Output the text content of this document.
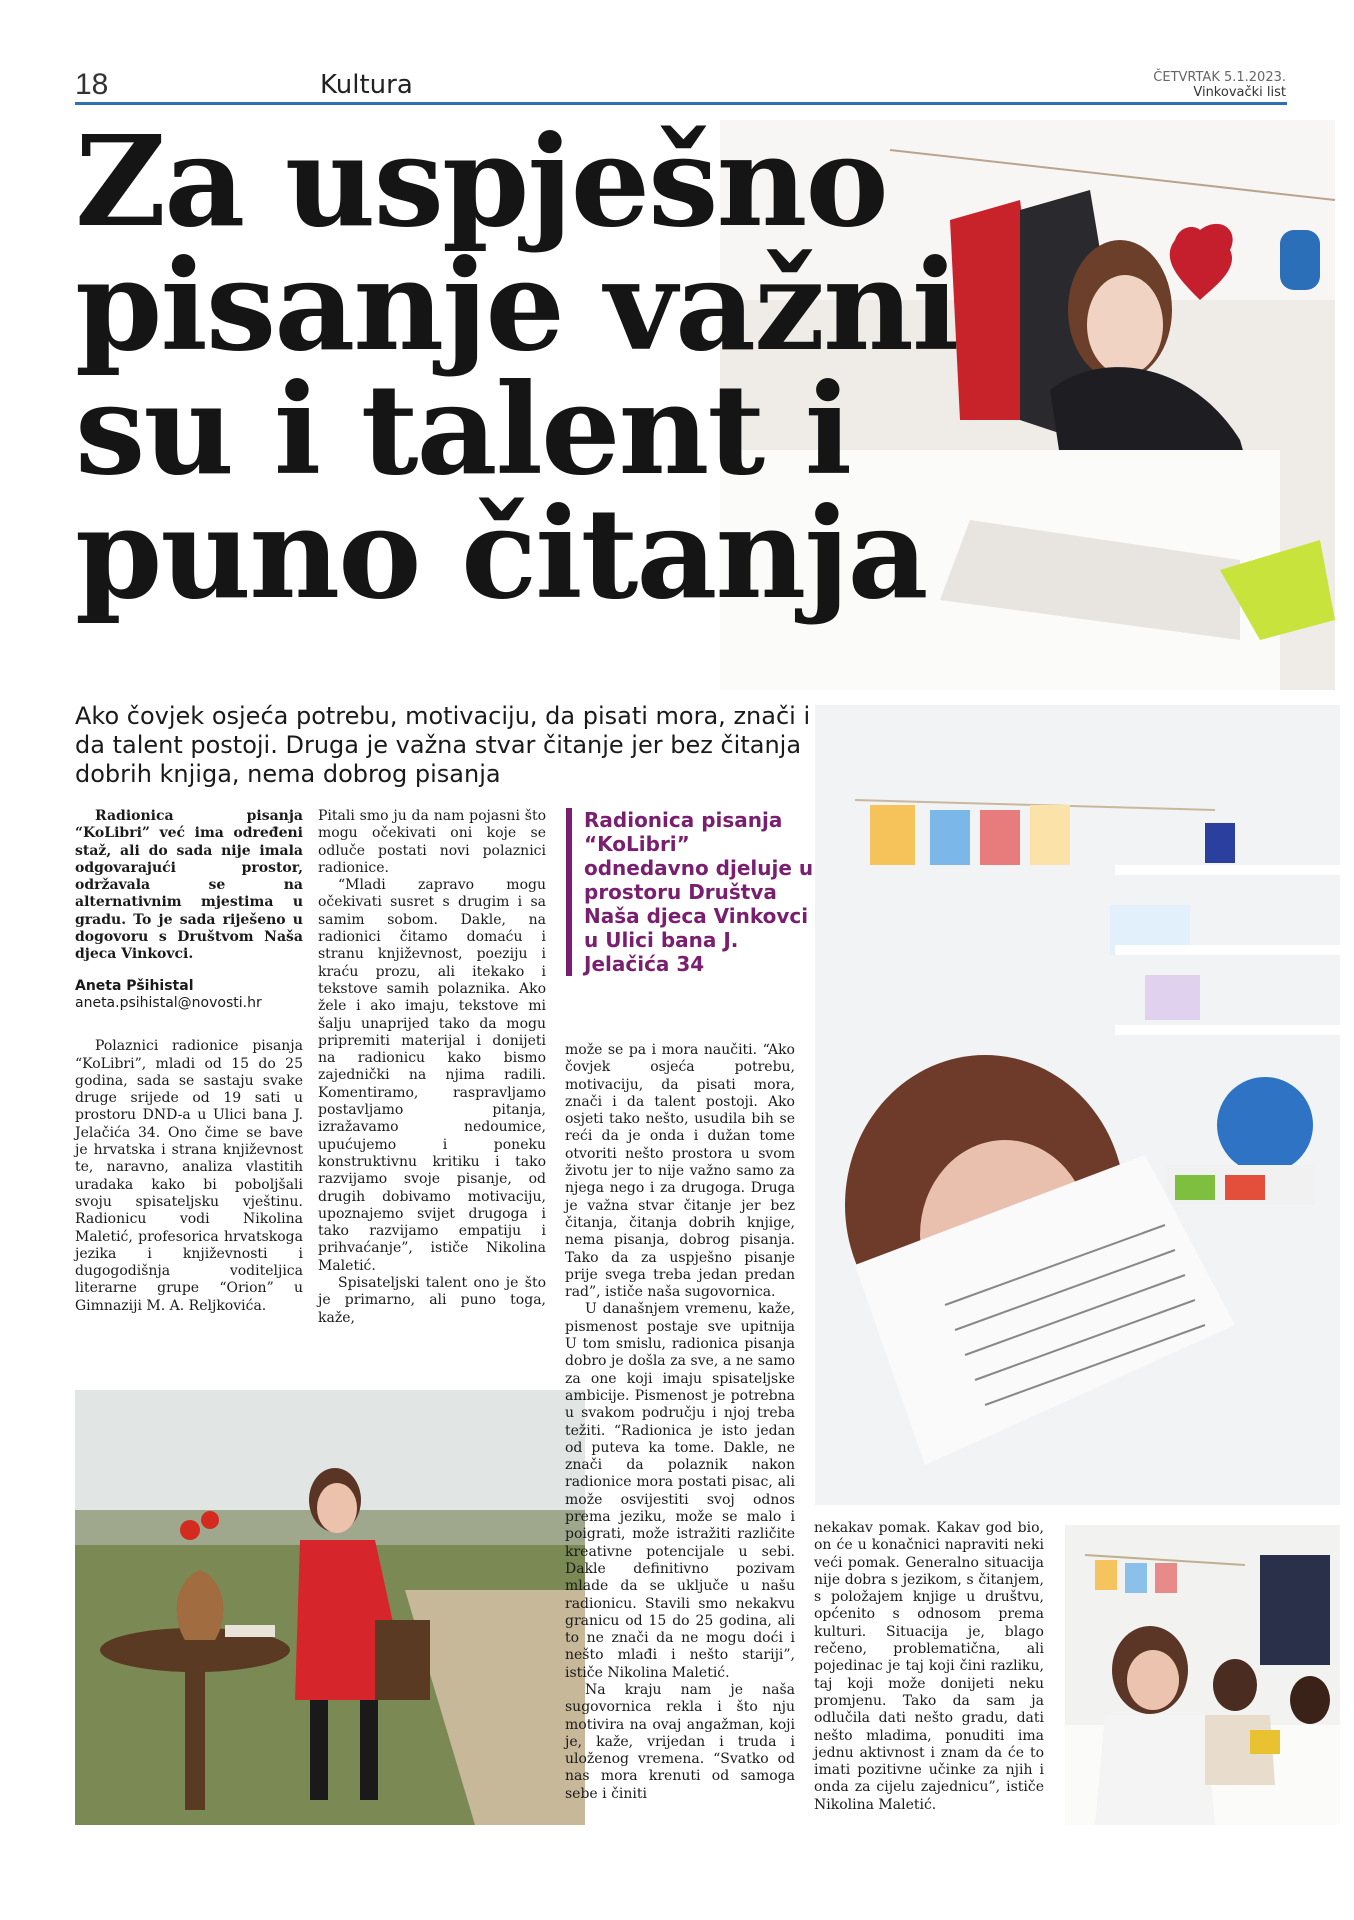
18	Kultura	ČETVRTAK 5.1.2023.
Vinkovački list
Za uspješno
pisanje važni
su i talent i
puno čitanja
Ako čovjek osjeća potrebu, motivaciju, da pisati mora, znači i da talent postoji. Druga je važna stvar čitanje jer bez čitanja dobrih knjiga, nema dobrog pisanja

Radionica pisanja “KoLibri” već ima određeni staž, ali do sada nije imala odgovarajući prostor, održavala se na alternativnim mjestima u gradu. To je sada riješeno u dogovoru s Društvom Naša djeca Vinkovci.

Aneta Pšihistal
aneta.psihistal@novosti.hr

Polaznici radionice pisanja “KoLibri”, mladi od 15 do 25 godina, sada se sastaju svake druge srijede od 19 sati u prostoru DND-a u Ulici bana J. Jelačića 34. Ono čime se bave je hrvatska i strana književnost te, naravno, analiza vlastitih uradaka kako bi poboljšali svoju spisateljsku vještinu. Radionicu vodi Nikolina Maletić, profesorica hrvatskoga jezika i književnosti i dugogodišnja voditeljica literarne grupe “Orion” u Gimnaziji M. A. Reljkovića.

Pitali smo ju da nam pojasni što mogu očekivati oni koje se odluče postati novi polaznici radionice.

“Mladi zapravo mogu očekivati susret s drugim i sa samim sobom. Dakle, na radionici čitamo domaću i stranu književnost, poeziju i kraću prozu, ali itekako i tekstove samih polaznika. Ako žele i ako imaju, tekstove mi šalju unaprijed tako da mogu pripremiti materijal i donijeti na radionicu kako bismo zajednički na njima radili. Komentiramo, raspravljamo postavljamo pitanja, izražavamo nedoumice, upućujemo i poneku konstruktivnu kritiku i tako razvijamo svoje pisanje, od drugih dobivamo motivaciju, upoznajemo svijet drugoga i tako razvijamo empatiju i prihvaćanje”, ističe Nikolina Maletić.

Spisateljski talent ono je što je primarno, ali puno toga, kaže,

Radionica pisanja “KoLibri” odnedavno djeluje u prostoru Društva Naša djeca Vinkovci u Ulici bana J. Jelačića 34

može se pa i mora naučiti. “Ako čovjek osjeća potrebu, motivaciju, da pisati mora, znači i da talent postoji. Ako osjeti tako nešto, usudila bih se reći da je onda i dužan tome otvoriti nešto prostora u svom životu jer to nije važno samo za njega nego i za drugoga. Druga je važna stvar čitanje jer bez čitanja, čitanja dobrih knjige, nema pisanja, dobrog pisanja. Tako da za uspješno pisanje prije svega treba jedan predan rad”, ističe naša sugovornica.

U današnjem vremenu, kaže, pismenost postaje sve upitnija U tom smislu, radionica pisanja dobro je došla za sve, a ne samo za one koji imaju spisateljske ambicije. Pismenost je potrebna u svakom području i njoj treba težiti. “Radionica je isto jedan od puteva ka tome. Dakle, ne znači da polaznik nakon radionice mora postati pisac, ali može osvijestiti svoj odnos prema jeziku, može se malo i poigrati, može istražiti različite kreativne potencijale u sebi. Dakle definitivno pozivam mlade da se uključe u našu radionicu. Stavili smo nekakvu granicu od 15 do 25 godina, ali to ne znači da ne mogu doći i nešto mlađi i nešto stariji”, ističe Nikolina Maletić.

Na kraju nam je naša sugovornica rekla i što nju motivira na ovaj angažman, koji je, kaže, vrijedan i truda i uloženog vremena. “Svatko od nas mora krenuti od samoga sebe i činiti

nekakav pomak. Kakav god bio, on će u konačnici napraviti neki veći pomak. Generalno situacija nije dobra s jezikom, s čitanjem, s položajem knjige u društvu, općenito s odnosom prema kulturi. Situacija je, blago rečeno, problematična, ali pojedinac je taj koji čini razliku, taj koji može donijeti neku promjenu. Tako da sam ja odlučila dati nešto gradu, dati nešto mladima, ponuditi ima jednu aktivnost i znam da će to imati pozitivne učinke za njih i onda za cijelu zajednicu”, ističe Nikolina Maletić.
